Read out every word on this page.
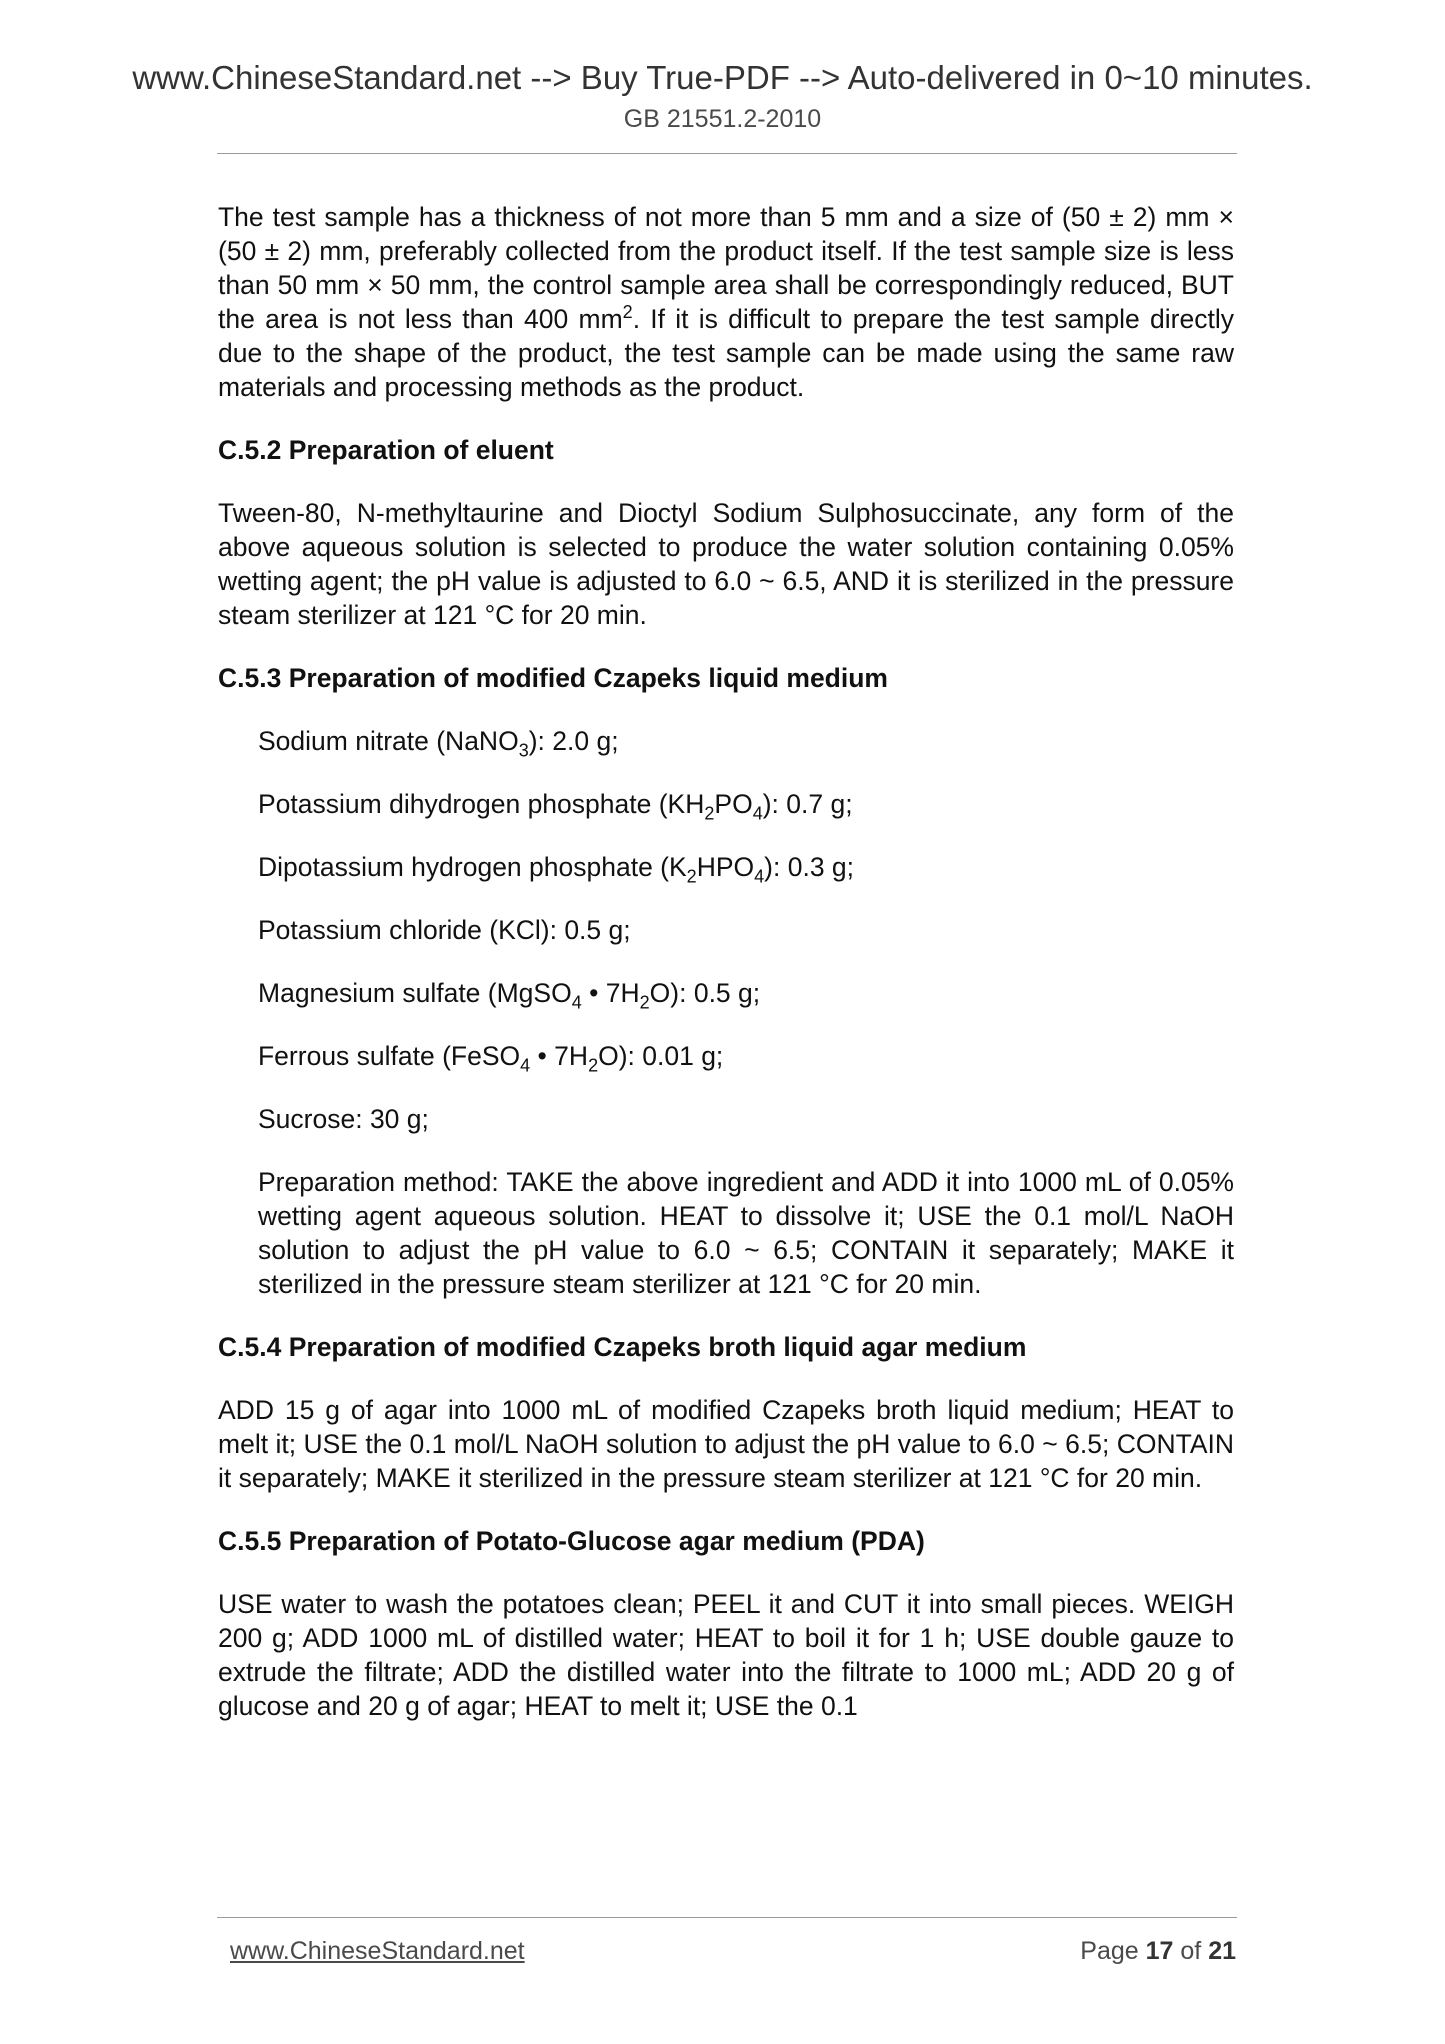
www.ChineseStandard.net --> Buy True-PDF --> Auto-delivered in 0~10 minutes.
GB 21551.2-2010

The test sample has a thickness of not more than 5 mm and a size of (50 ± 2) mm × (50 ± 2) mm, preferably collected from the product itself. If the test sample size is less than 50 mm × 50 mm, the control sample area shall be correspondingly reduced, BUT the area is not less than 400 $mm^2$. If it is difficult to prepare the test sample directly due to the shape of the product, the test sample can be made using the same raw materials and processing methods as the product.

C.5.2 Preparation of eluent

Tween-80, N-methyltaurine and Dioctyl Sodium Sulphosuccinate, any form of the above aqueous solution is selected to produce the water solution containing 0.05% wetting agent; the pH value is adjusted to 6.0 ~ 6.5, AND it is sterilized in the pressure steam sterilizer at 121 °C for 20 min.

C.5.3 Preparation of modified Czapeks liquid medium

Sodium nitrate (NaNO$_3$): 2.0 g;

Potassium dihydrogen phosphate $(KH_2PO_4)$: 0.7 g;

Dipotassium hydrogen phosphate $(K_2HPO_4)$: 0.3 g;

Potassium chloride (KCl): 0.5 g;

Magnesium sulfate (MgSO$_4$ • $7H_2O$): 0.5 g;

Ferrous sulfate (FeSO$_4$ • $7H_2O$): 0.01 g;

Sucrose: 30 g;

Preparation method: TAKE the above ingredient and ADD it into 1000 mL of 0.05% wetting agent aqueous solution. HEAT to dissolve it; USE the 0.1 mol/L NaOH solution to adjust the pH value to 6.0 ~ 6.5; CONTAIN it separately; MAKE it sterilized in the pressure steam sterilizer at 121 °C for 20 min.

C.5.4 Preparation of modified Czapeks broth liquid agar medium

ADD 15 g of agar into 1000 mL of modified Czapeks broth liquid medium; HEAT to melt it; USE the 0.1 mol/L NaOH solution to adjust the pH value to 6.0 ~ 6.5; CONTAIN it separately; MAKE it sterilized in the pressure steam sterilizer at 121 °C for 20 min.

C.5.5 Preparation of Potato-Glucose agar medium (PDA)

USE water to wash the potatoes clean; PEEL it and CUT it into small pieces. WEIGH 200 g; ADD 1000 mL of distilled water; HEAT to boil it for 1 h; USE double gauze to extrude the filtrate; ADD the distilled water into the filtrate to 1000 mL; ADD 20 g of glucose and 20 g of agar; HEAT to melt it; USE the 0.1

www.ChineseStandard.net	Page 17 of 21
